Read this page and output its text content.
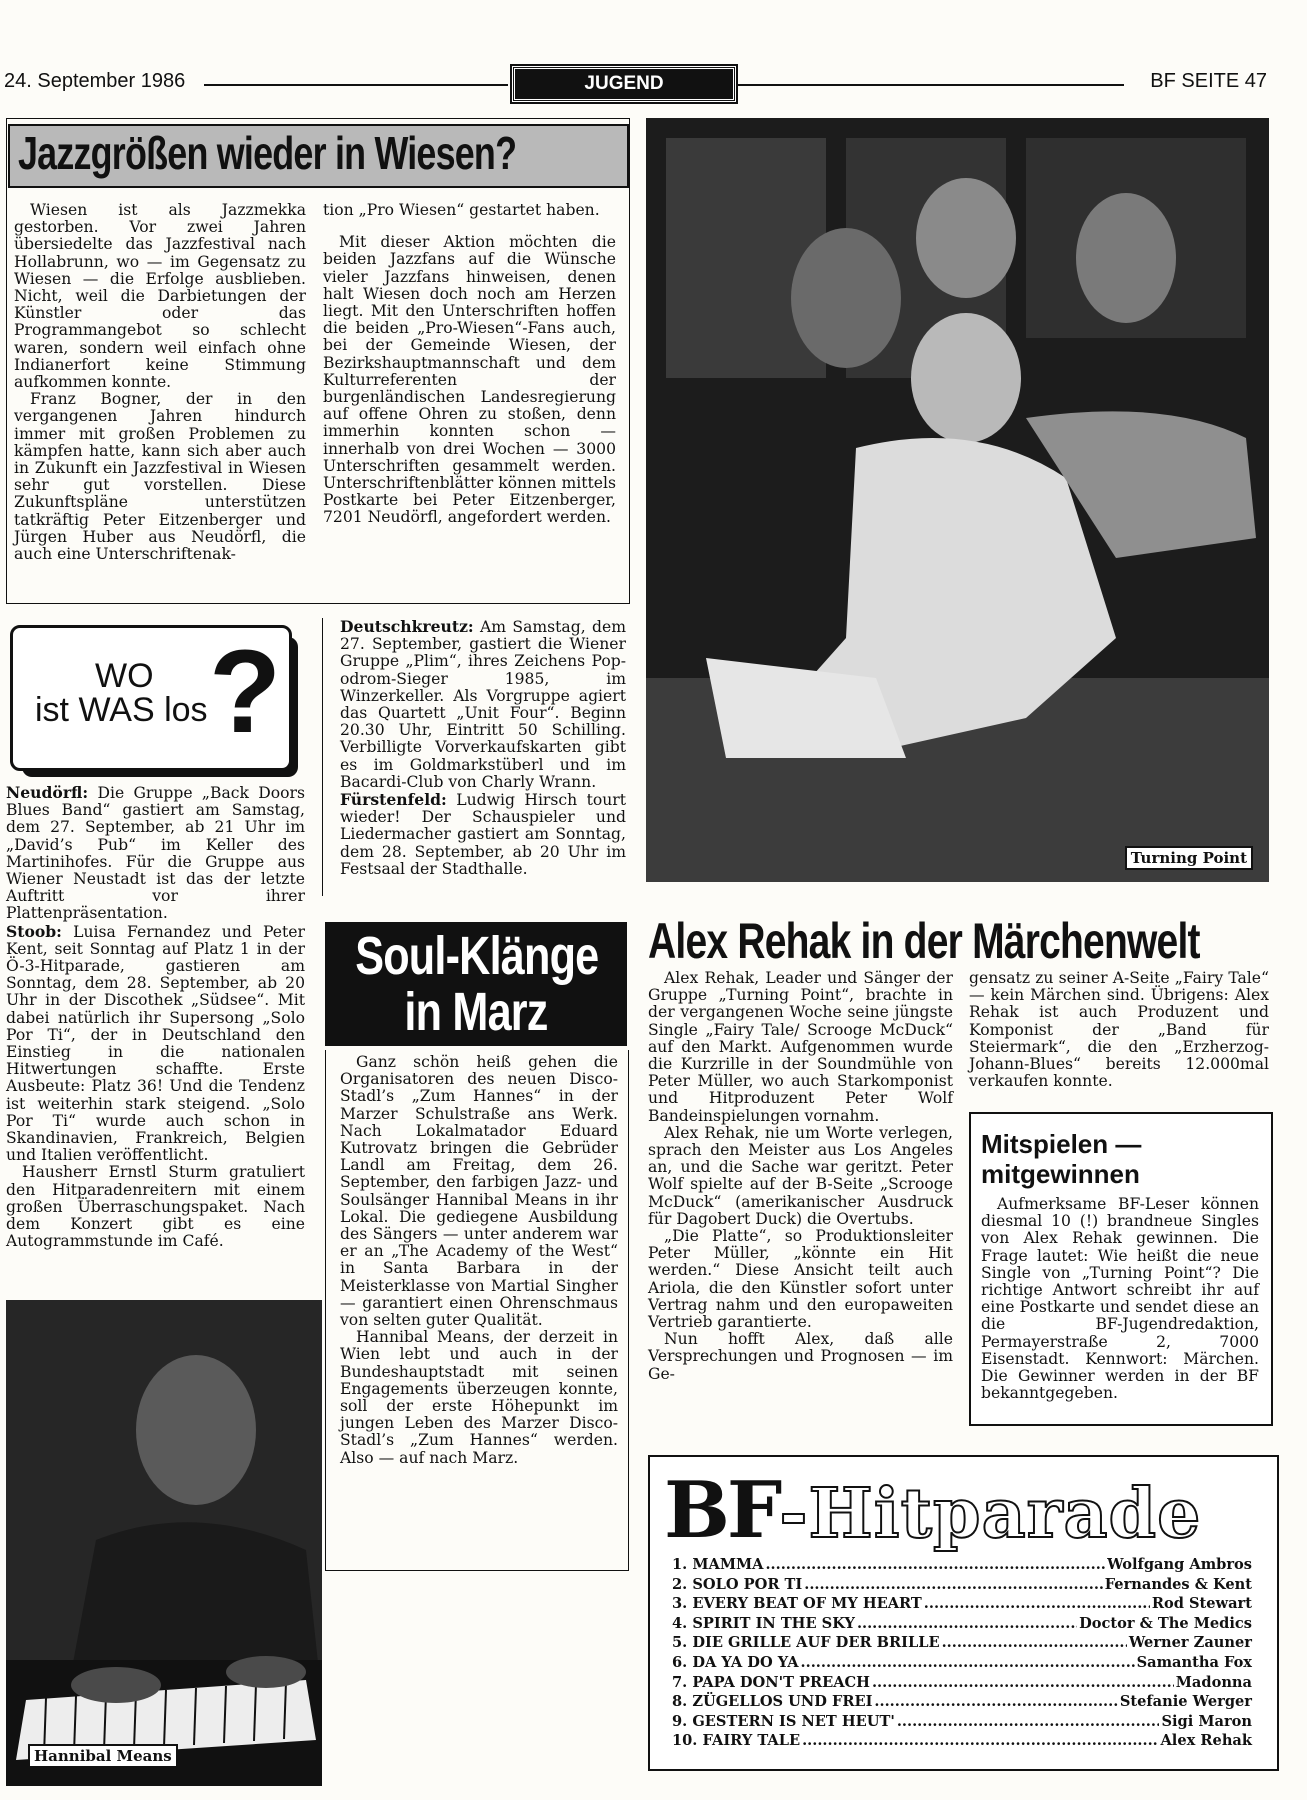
24. September 1986	JUGEND	BF SEITE 47
Jazzgrößen wieder in Wiesen?

Wiesen ist als Jazzmekka gestorben. Vor zwei Jahren übersiedelte das Jazzfestival nach Hollabrunn, wo — im Gegensatz zu Wiesen — die Erfolge ausblieben. Nicht, weil die Darbietungen der Künstler oder das Programmangebot so schlecht waren, sondern weil einfach ohne Indianerfort keine Stimmung aufkommen konnte.

Franz Bogner, der in den vergangenen Jahren hindurch immer mit großen Problemen zu kämpfen hatte, kann sich aber auch in Zukunft ein Jazzfestival in Wiesen sehr gut vorstellen. Diese Zukunftspläne unterstützen tatkräftig Peter Eitzenberger und Jürgen Huber aus Neudörfl, die auch eine Unterschriftenak-

tion „Pro Wiesen“ gestartet haben.

Mit dieser Aktion möchten die beiden Jazzfans auf die Wünsche vieler Jazzfans hinweisen, denen halt Wiesen doch noch am Herzen liegt. Mit den Unterschriften hoffen die beiden „Pro-Wiesen“-Fans auch, bei der Gemeinde Wiesen, der Bezirkshauptmannschaft und dem Kulturreferenten der burgenländischen Landesregierung auf offene Ohren zu stoßen, denn immerhin konnten schon — innerhalb von drei Wochen — 3000 Unterschriften gesammelt werden. Unterschriftenblätter können mittels Postkarte bei Peter Eitzenberger, 7201 Neudörfl, angefordert werden.

Turning Point
WO
ist WAS los ?

Neudörfl: Die Gruppe „Back Doors Blues Band“ gastiert am Samstag, dem 27. September, ab 21 Uhr im „David’s Pub“ im Keller des Martinihofes. Für die Gruppe aus Wiener Neustadt ist das der letzte Auftritt vor ihrer Plattenpräsentation.

Stoob: Luisa Fernandez und Peter Kent, seit Sonntag auf Platz 1 in der Ö-3-Hitparade, gastieren am Sonntag, dem 28. September, ab 20 Uhr in der Discothek „Südsee“. Mit dabei natürlich ihr Supersong „Solo Por Ti“, der in Deutschland den Einstieg in die nationalen Hitwertungen schaffte. Erste Ausbeute: Platz 36! Und die Tendenz ist weiterhin stark steigend. „Solo Por Ti“ wurde auch schon in Skandinavien, Frankreich, Belgien und Italien veröffentlicht.

Hausherr Ernstl Sturm gratuliert den Hitparadenreitern mit einem großen Überraschungspaket. Nach dem Konzert gibt es eine Autogrammstunde im Café.

Deutschkreutz: Am Samstag, dem 27. September, gastiert die Wiener Gruppe „Plim“, ihres Zeichens Pop-odrom-Sieger 1985, im Winzerkeller. Als Vorgruppe agiert das Quartett „Unit Four“. Beginn 20.30 Uhr, Eintritt 50 Schilling. Verbilligte Vorverkaufskarten gibt es im Goldmarkstüberl und im Bacardi-Club von Charly Wrann.

Fürstenfeld: Ludwig Hirsch tourt wieder! Der Schauspieler und Liedermacher gastiert am Sonntag, dem 28. September, ab 20 Uhr im Festsaal der Stadthalle.

Hannibal Means
Soul-Klänge
in Marz

Ganz schön heiß gehen die Organisatoren des neuen Disco-Stadl’s „Zum Hannes“ in der Marzer Schulstraße ans Werk. Nach Lokalmatador Eduard Kutrovatz bringen die Gebrüder Landl am Freitag, dem 26. September, den farbigen Jazz- und Soulsänger Hannibal Means in ihr Lokal. Die gediegene Ausbildung des Sängers — unter anderem war er an „The Academy of the West“ in Santa Barbara in der Meisterklasse von Martial Singher — garantiert einen Ohrenschmaus von selten guter Qualität.

Hannibal Means, der derzeit in Wien lebt und auch in der Bundeshauptstadt mit seinen Engagements überzeugen konnte, soll der erste Höhepunkt im jungen Leben des Marzer Disco-Stadl’s „Zum Hannes“ werden. Also — auf nach Marz.

Alex Rehak in der Märchenwelt

Alex Rehak, Leader und Sänger der Gruppe „Turning Point“, brachte in der vergangenen Woche seine jüngste Single „Fairy Tale/ Scrooge McDuck“ auf den Markt. Aufgenommen wurde die Kurzrille in der Soundmühle von Peter Müller, wo auch Starkomponist und Hitproduzent Peter Wolf Bandeinspielungen vornahm.

Alex Rehak, nie um Worte verlegen, sprach den Meister aus Los Angeles an, und die Sache war geritzt. Peter Wolf spielte auf der B-Seite „Scrooge McDuck“ (amerikanischer Ausdruck für Dagobert Duck) die Overtubs.

„Die Platte“, so Produktionsleiter Peter Müller, „könnte ein Hit werden.“ Diese Ansicht teilt auch Ariola, die den Künstler sofort unter Vertrag nahm und den europaweiten Vertrieb garantierte.

Nun hofft Alex, daß alle Versprechungen und Prognosen — im Ge-

gensatz zu seiner A-Seite „Fairy Tale“ — kein Märchen sind. Übrigens: Alex Rehak ist auch Produzent und Komponist der „Band für Steiermark“, die den „Erzherzog-Johann-Blues“ bereits 12.000mal verkaufen konnte.

Mitspielen —
mitgewinnen

Aufmerksame BF-Leser können diesmal 10 (!) brandneue Singles von Alex Rehak gewinnen. Die Frage lautet: Wie heißt die neue Single von „Turning Point“? Die richtige Antwort schreibt ihr auf eine Postkarte und sendet diese an die BF-Jugendredaktion, Permayerstraße 2, 7000 Eisenstadt. Kennwort: Märchen. Die Gewinner werden in der BF bekanntgegeben.

BF-Hitparade
1. MAMMA .....	Wolfgang Ambros
2. SOLO POR TI .....	Fernandes & Kent
3. EVERY BEAT OF MY HEART .....	Rod Stewart
4. SPIRIT IN THE SKY .....	Doctor & The Medics
5. DIE GRILLE AUF DER BRILLE .....	Werner Zauner
6. DA YA DO YA .....	Samantha Fox
7. PAPA DON'T PREACH .....	Madonna
8. ZÜGELLOS UND FREI .....	Stefanie Werger
9. GESTERN IS NET HEUT' .....	Sigi Maron
10. FAIRY TALE .....	Alex Rehak
